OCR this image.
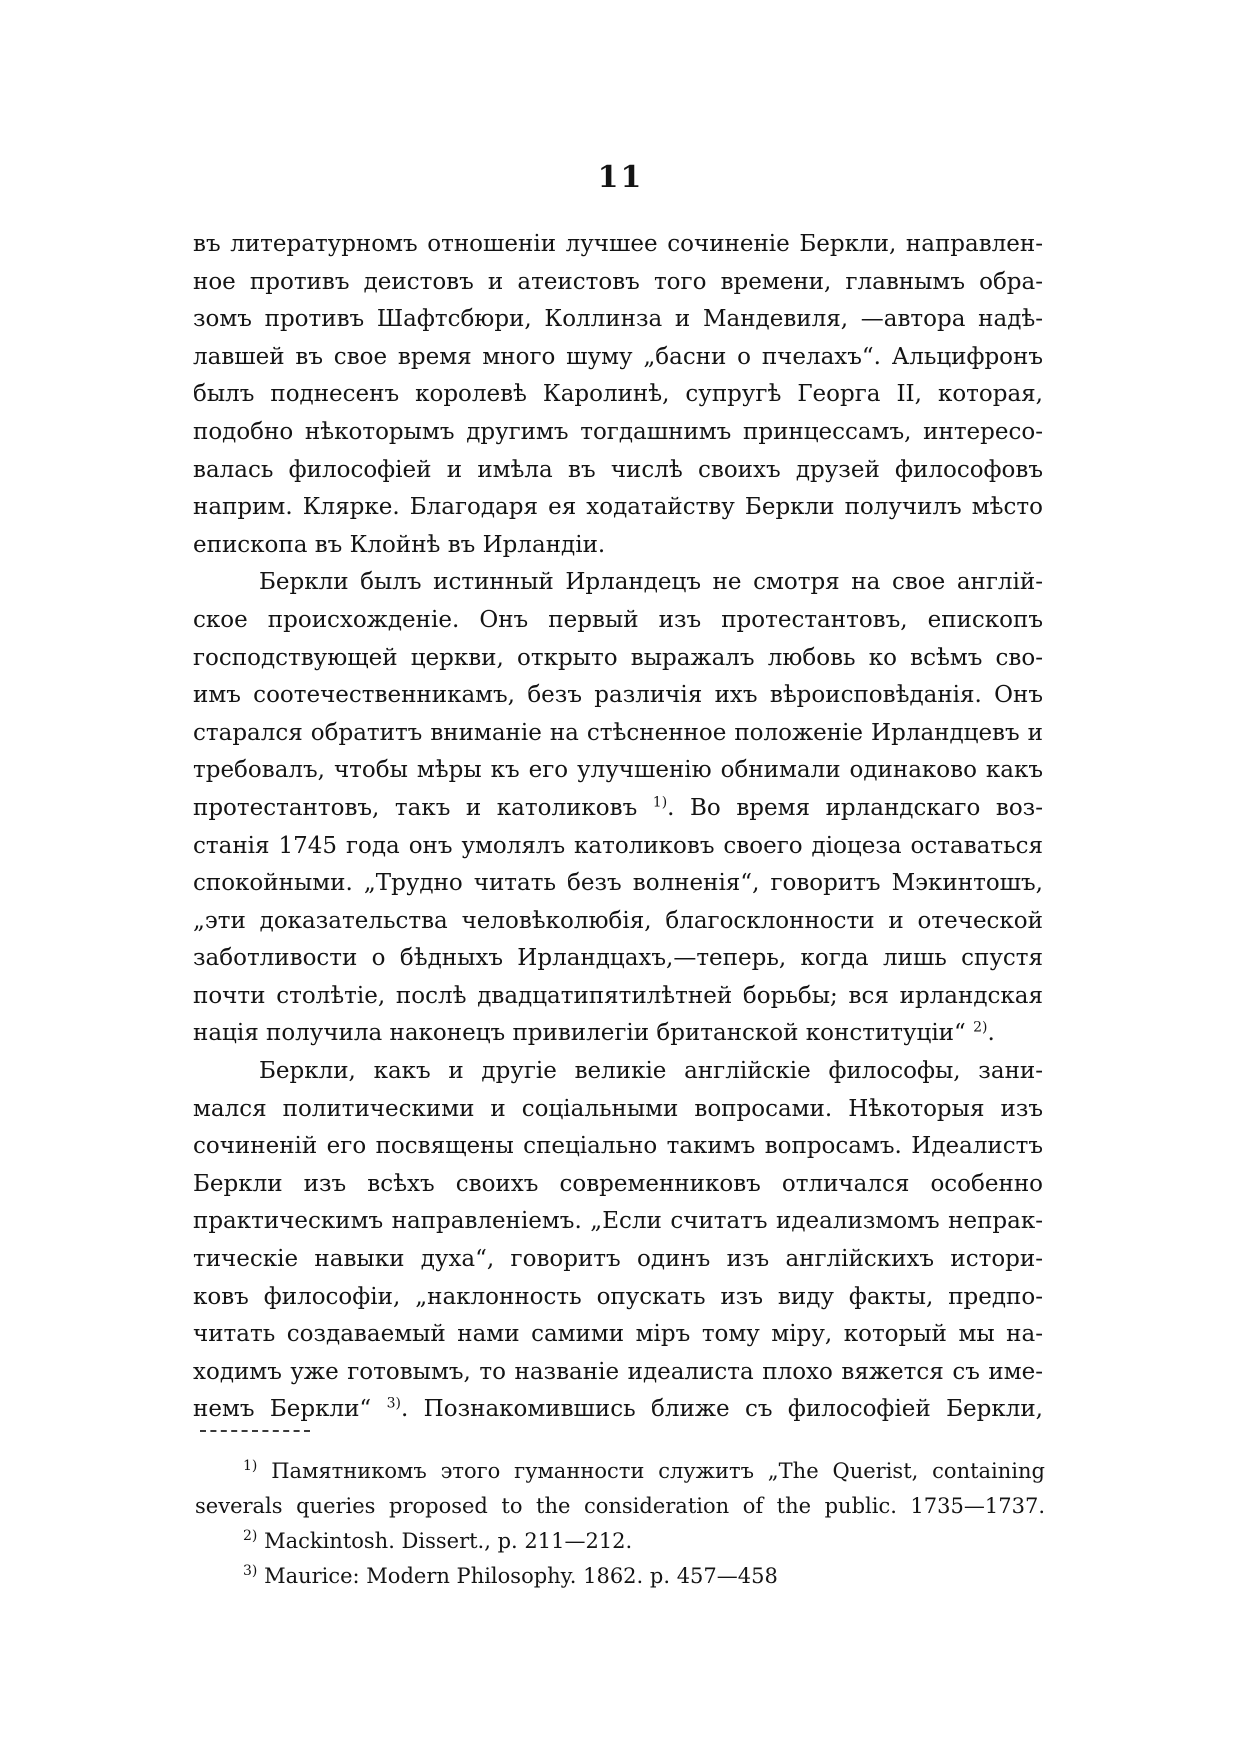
11
въ литературномъ отношенiи лучшее сочиненiе Беркли, направлен-
ное противъ деистовъ и атеистовъ того времени, главнымъ обра-
зомъ противъ Шафтсбюри, Коллинза и Мандевиля, —автора надѣ-
лавшей въ свое время много шуму „басни о пчелахъ“. Альцифронъ
былъ поднесенъ королевѣ Каролинѣ, супругѣ Георга II, которая,
подобно нѣкоторымъ другимъ тогдашнимъ принцессамъ, интересо-
валась философiей и имѣла въ числѣ своихъ друзей философовъ
наприм. Клярке. Благодаря ея ходатайству Беркли получилъ мѣсто
епископа въ Клойнѣ въ Ирландiи.
Беркли былъ истинный Ирландецъ не смотря на свое англiй-
ское происхожденiе. Онъ первый изъ протестантовъ, епископъ
господствующей церкви, открыто выражалъ любовь ко всѣмъ сво-
имъ соотечественникамъ, безъ различiя ихъ вѣроисповѣданiя. Онъ
старался обратитъ вниманiе на стѣсненное положенiе Ирландцевъ и
требовалъ, чтобы мѣры къ его улучшенiю обнимали одинаково какъ
протестантовъ, такъ и католиковъ $^{1)}$. Во время ирландскаго воз-
станiя 1745 года онъ умолялъ католиковъ своего дiоцеза оставаться
спокойными. „Трудно читать безъ волненiя“, говоритъ Мэкинтошъ,
„эти доказательства человѣколюбiя, благосклонности и отеческой
заботливости о бѣдныхъ Ирландцахъ,—теперь, когда лишь спустя
почти столѣтiе, послѣ двадцатипятилѣтней борьбы; вся ирландская
нацiя получила наконецъ привилегiи британской конституцiи“ $^{2)}$.
Беркли, какъ и другiе великiе англiйскiе философы, зани-
мался политическими и соцiальными вопросами. Нѣкоторыя изъ
сочиненiй его посвящены спецiально такимъ вопросамъ. Идеалистъ
Беркли изъ всѣхъ своихъ современниковъ отличался особенно
практическимъ направленiемъ. „Если считатъ идеализмомъ непрак-
тическiе навыки духа“, говоритъ одинъ изъ англiйскихъ истори-
ковъ философiи, „наклонность опускать изъ виду факты, предпо-
читать создаваемый нами самими мiръ тому мiру, который мы на-
ходимъ уже готовымъ, то названiе идеалиста плохо вяжется съ име-
немъ Беркли“ $^{3)}$. Познакомившись ближе съ философiей Беркли,
$^{1)}$ Памятникомъ этого гуманности служитъ „The Querist, containing
severals queries proposed to the consideration of the public. 1735—1737.
$^{2)}$ Mackintosh. Dissert., p. 211—212.
$^{3)}$ Maurice: Modern Philosophy. 1862. p. 457—458
